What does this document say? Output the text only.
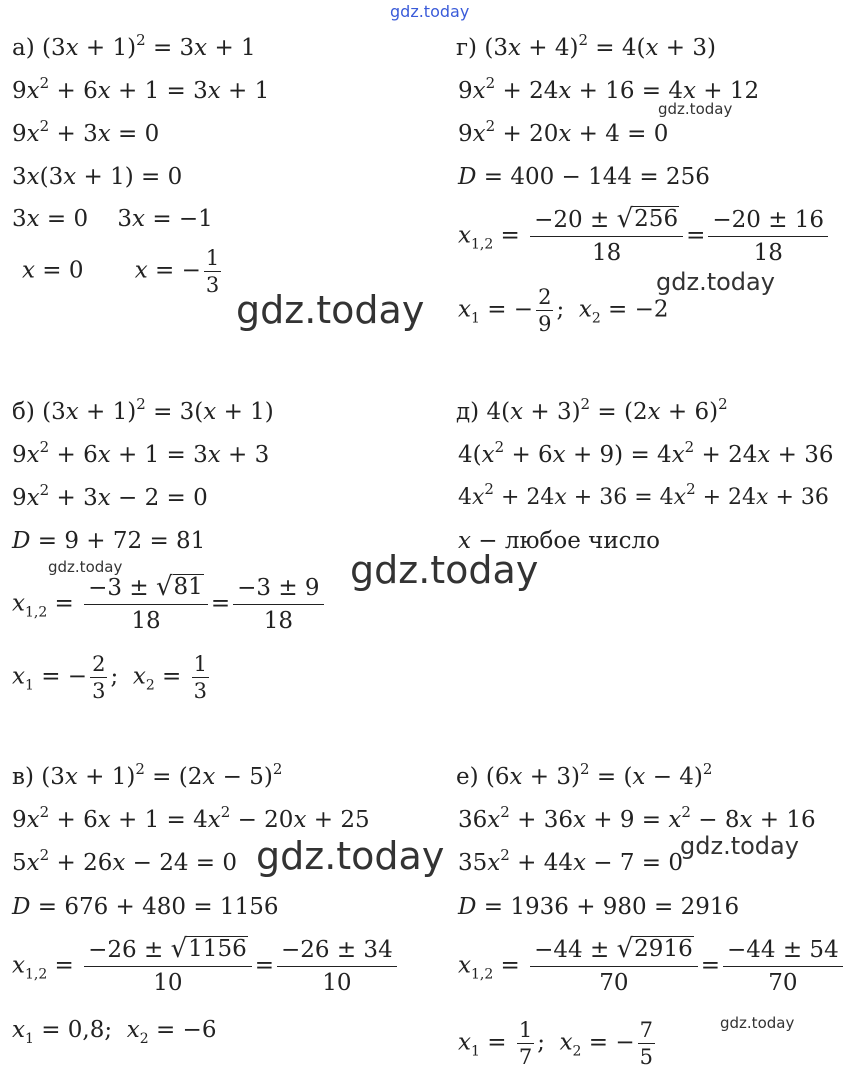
а) $(3x + 1)^2 = 3x + 1$
$9x^2 + 6x + 1 = 3x + 1$
$9x^2 + 3x = 0$
3x(3x + 1) = 0
3x = 0    3x = −1
x = 0       x = − $\frac{1}{3}$
г) $(3x + 4)^2 = 4(x + 3)$
$9x^2 + 24x + 16 = 4x + 12$
$9x^2 + 20x + 4 = 0$
D = 400 − 144 = 256
$x_{1,2} = \frac{-20 \pm √ 256}{18} = \frac{-20 \pm 16}{18}$
$x_1$ = − $\frac{2}{9}$ ;  $x_2 = -2$
б) $(3x + 1)^2 = 3(x + 1)$
$9x^2 + 6x + 1 = 3x + 3$
$9x^2 + 3x - 2 = 0$
D = 9 + 72 = 81
$x_{1,2} = \frac{-3 \pm √ 81}{18} = \frac{-3 \pm 9}{18}$
$x_1$ = − $\frac{2}{3}$ ;  $x_2 = \frac{1}{3}$
д) $4(x + 3)^2 = (2x + 6)^2$
$4(x^2 + 6x + 9) = 4x^2 + 24x + 36$
$4x^2 + 24x + 36 = 4x^2 + 24x + 36$
x − любое число
в) $(3x + 1)^2 = (2x - 5)^2$
$9x^2 + 6x + 1 = 4x^2 - 20x + 25$
$5x^2 + 26x - 24 = 0$
D = 676 + 480 = 1156
$x_{1,2} = \frac{-26 \pm √ 1156}{10} = \frac{-26 \pm 34}{10}$
$x_1 = 0,8$;  $x_2 = -6$
е) $(6x + 3)^2 = (x - 4)^2$
$36x^2 + 36x + 9 = x^2 - 8x + 16$
$35x^2 + 44x - 7 = 0$
D = 1936 + 980 = 2916
$x_{1,2} = \frac{-44 \pm √ 2916}{70} = \frac{-44 \pm 54}{70}$
$x_1 = \frac{1}{7}$ ;  $x_2$ = − $\frac{7}{5}$
gdz.today
gdz.today
gdz.today
gdz.today
gdz.today
gdz.today
gdz.today	gdz.today
gdz.today
